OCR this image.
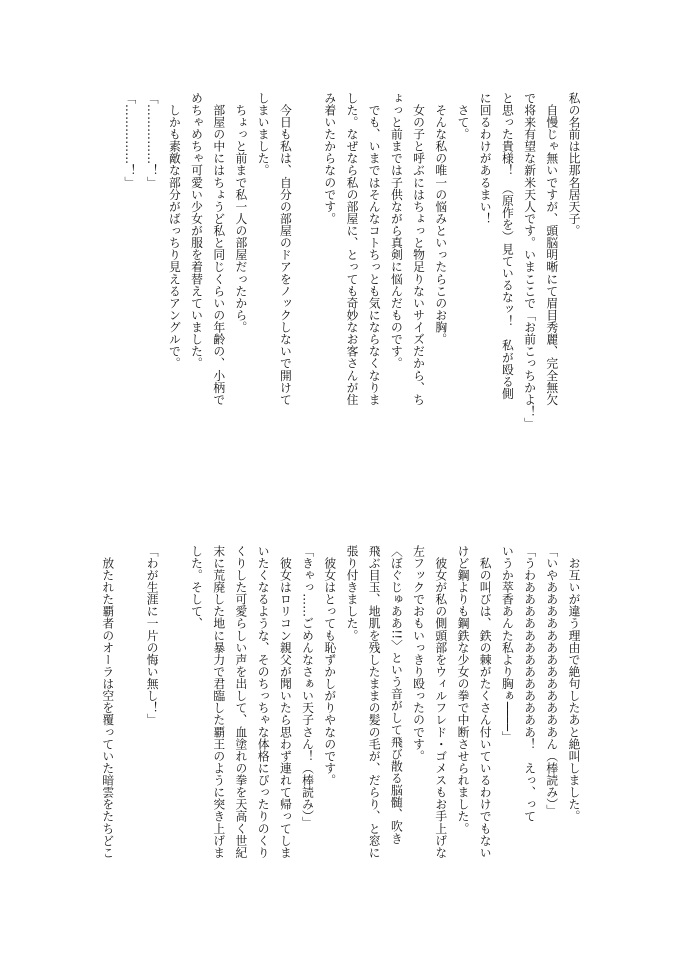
私の名前は比那名居天子。
　自慢じゃ無いですが、頭脳明晰にて眉目秀麗、完全無欠
で将来有望な新米天人です。いまここで「お前こっちかよ！」
と思った貴様！　（原作を）見ているなッ！　私が殴る側
に回るわけがあるまい！
　さて。
　そんな私の唯一の悩みといったらこのお胸。
　女の子と呼ぶにはちょっと物足りないサイズだから、ち
ょっと前までは子供ながら真剣に悩んだものです。
　でも、いまではそんなコトちっとも気にならなくなりま
した。なぜなら私の部屋に、とっても奇妙なお客さんが住
み着いたからなのです。

　今日も私は、自分の部屋のドアをノックしないで開けて
しまいました。
　ちょっと前まで私一人の部屋だったから。
　部屋の中にはちょうど私と同じくらいの年齢の、小柄で
めちゃめちゃ可愛い少女が服を着替えていました。
　しかも素敵な部分がばっちり見えるアングルで。
「……………！」
「……………！」
　お互いが違う理由で絶句したあと絶叫しました。
「いやあああああああああああああん（棒読み）」
「うわあああああああああああああ！　えっ、って
いうか萃香あんた私より胸ぁ────」
　私の叫びは、鉄の棘がたくさん付いているわけでもない
けど鋼よりも鋼鉄な少女の拳で中断させられました。
　彼女が私の側頭部をウィルフレド・ゴメスもお手上げな
左フックでおもいっきり殴ったのです。
〈ぼぐじゅああ!!〉という音がして飛び散る脳髄、吹き
飛ぶ目玉、地肌を残したままの髪の毛が、だらり、と窓に
張り付きました。
　彼女はとっても恥ずかしがりやなのです。
「きゃっ……ごめんなさぁい天子さん！（棒読み）」
　彼女はロリコン親父が聞いたら思わず連れて帰ってしま
いたくなるような、そのちっちゃな体格にぴったりのくり
くりした可愛らしい声を出して、血塗れの拳を天高く世紀
末に荒廃した地に暴力で君臨した覇王のように突き上げま
した。そして、

「わが生涯に一片の悔い無し！」

　放たれた覇者のオーラは空を覆っていた暗雲をたちどこ
